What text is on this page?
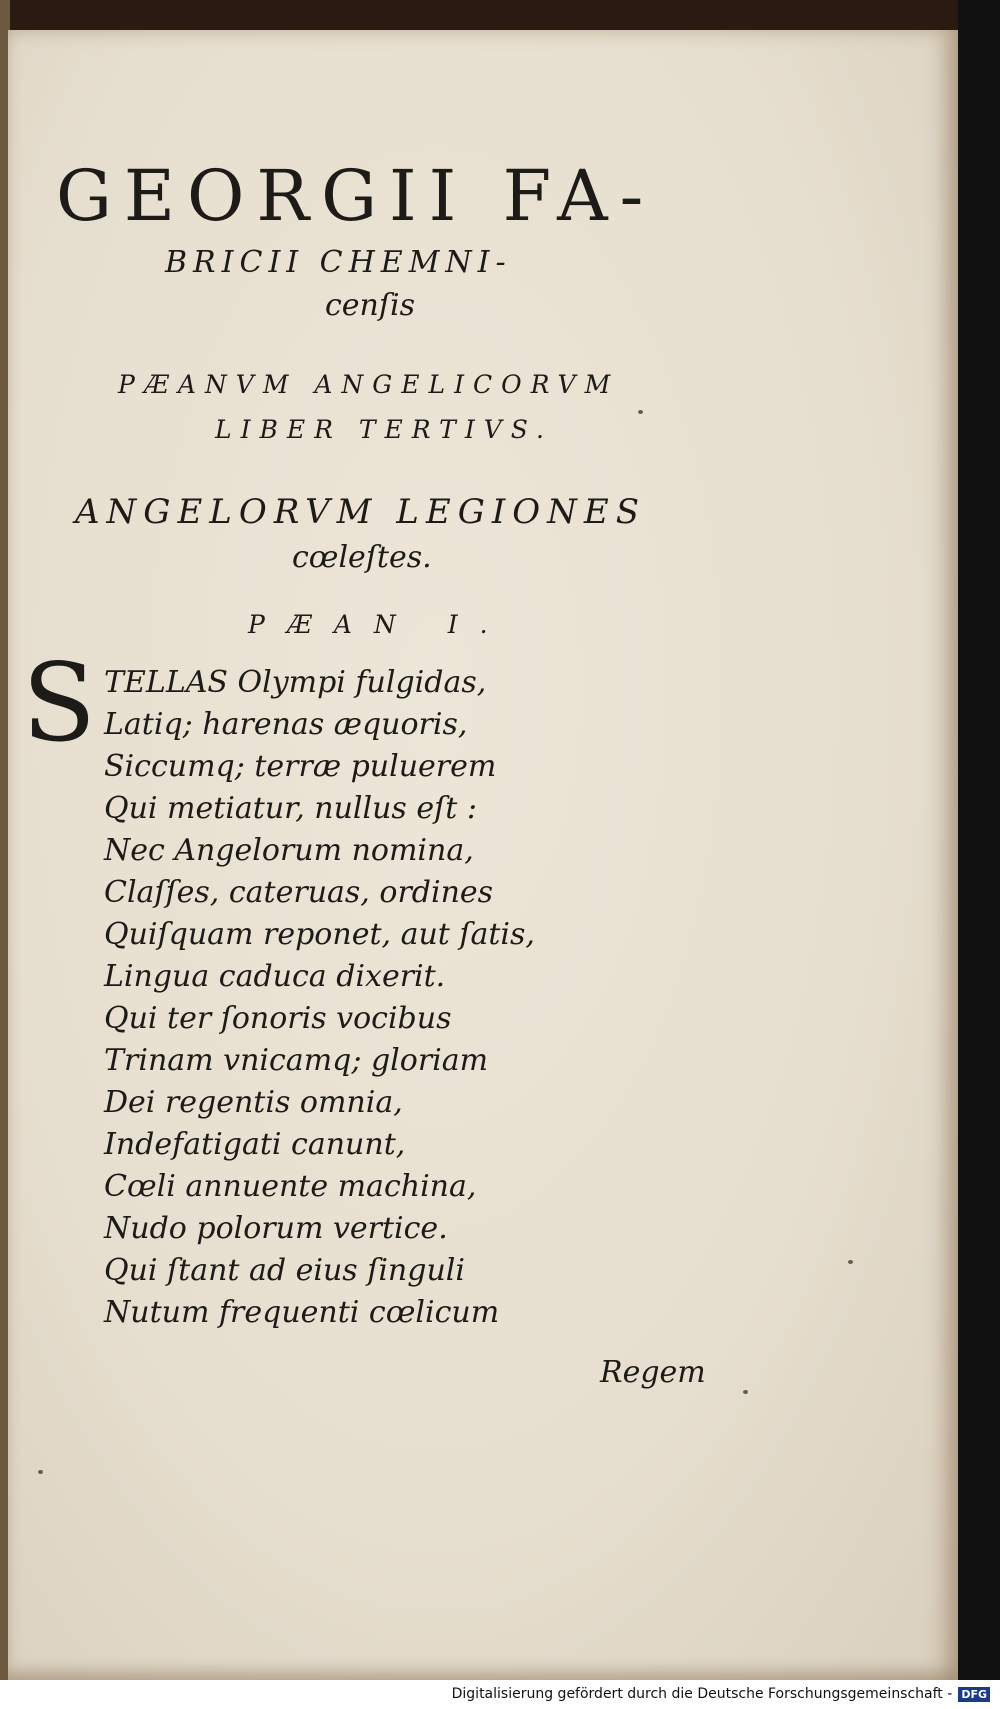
GEORGII FA-
BRICII CHEMNI-
cenſis
PÆANVM ANGELICORVM
LIBER TERTIVS.
ANGELORVM LEGIONES
cœleſtes.
PÆAN I.
S TELLAS Olympi fulgidas,
Latiq; harenas æquoris,
Siccumq; terræ puluerem
Qui metiatur, nullus eſt :
Nec Angelorum nomina,
Claſſes, cateruas, ordines
Quiſquam reponet, aut ſatis,
Lingua caduca dixerit.
Qui ter ſonoris vocibus
Trinam vnicamq; gloriam
Dei regentis omnia,
Indefatigati canunt,
Cœli annuente machina,
Nudo polorum vertice.
Qui ſtant ad eius ſinguli
Nutum frequenti cœlicum
Regem
Digitalisierung gefördert durch die Deutsche Forschungsgemeinschaft - DFG
